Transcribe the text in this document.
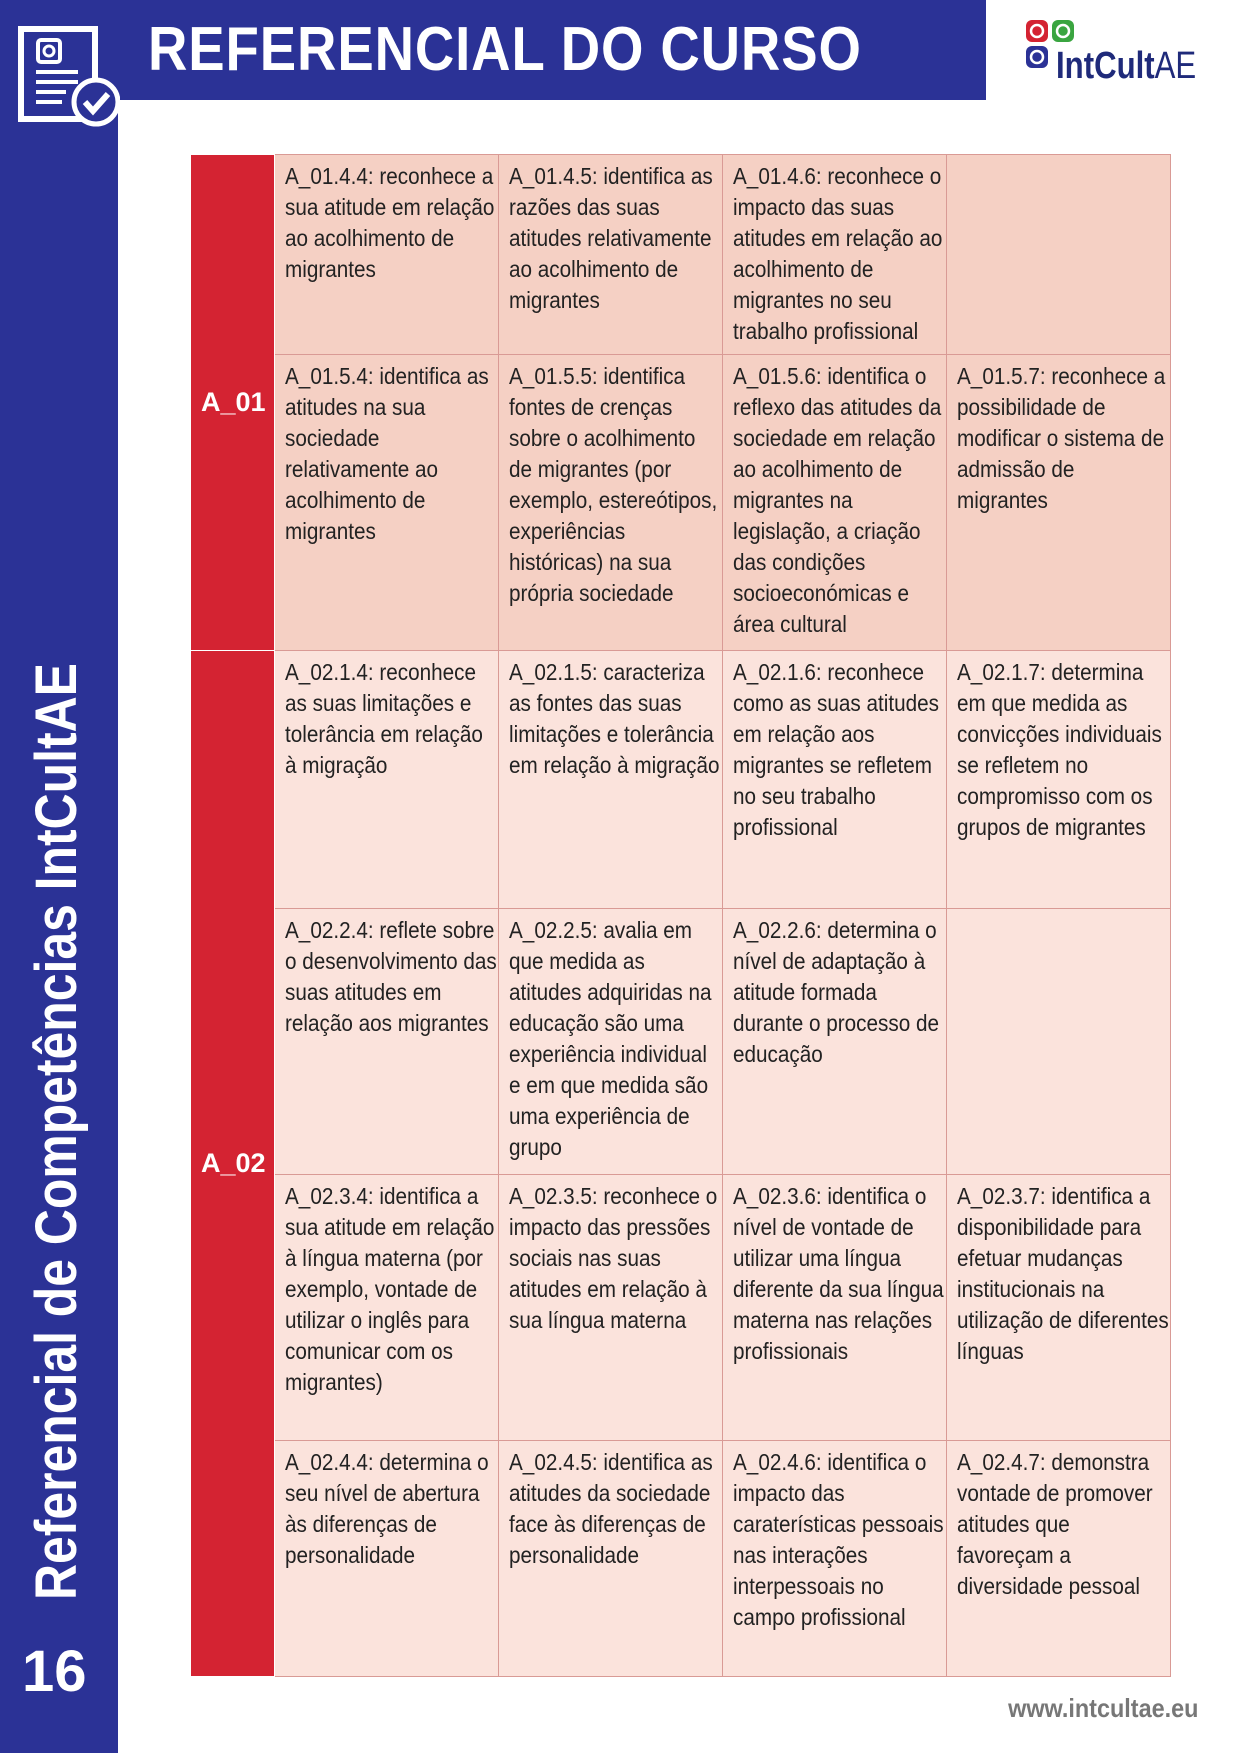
REFERENCIAL DO CURSO	IntCultAE
Referencial de Competências IntCultAE
16
A_01	A_01.4.4: reconhece a sua atitude em relação ao acolhimento de migrantes	A_01.4.5: identifica as razões das suas atitudes relativamente ao acolhimento de migrantes	A_01.4.6: reconhece o impacto das suas atitudes em relação ao acolhimento de migrantes no seu trabalho profissional	

	A_01.5.4: identifica as atitudes na sua sociedade relativamente ao acolhimento de migrantes	A_01.5.5: identifica fontes de crenças sobre o acolhimento de migrantes (por exemplo, estereótipos, experiências históricas) na sua própria sociedade	A_01.5.6: identifica o reflexo das atitudes da sociedade em relação ao acolhimento de migrantes na legislação, a criação das condições socioeconómicas e área cultural	A_01.5.7: reconhece a possibilidade de modificar o sistema de admissão de migrantes

A_02	A_02.1.4: reconhece as suas limitações e tolerância em relação à migração	A_02.1.5: caracteriza as fontes das suas limitações e tolerância em relação à migração	A_02.1.6: reconhece como as suas atitudes em relação aos migrantes se refletem no seu trabalho profissional	A_02.1.7: determina em que medida as convicções individuais se refletem no compromisso com os grupos de migrantes

	A_02.2.4: reflete sobre o desenvolvimento das suas atitudes em relação aos migrantes	A_02.2.5: avalia em que medida as atitudes adquiridas na educação são uma experiência individual e em que medida são uma experiência de grupo	A_02.2.6: determina o nível de adaptação à atitude formada durante o processo de educação	

	A_02.3.4: identifica a sua atitude em relação à língua materna (por exemplo, vontade de utilizar o inglês para comunicar com os migrantes)	A_02.3.5: reconhece o impacto das pressões sociais nas suas atitudes em relação à sua língua materna	A_02.3.6: identifica o nível de vontade de utilizar uma língua diferente da sua língua materna nas relações profissionais	A_02.3.7: identifica a disponibilidade para efetuar mudanças institucionais na utilização de diferentes línguas

	A_02.4.4: determina o seu nível de abertura às diferenças de personalidade	A_02.4.5: identifica as atitudes da sociedade face às diferenças de personalidade	A_02.4.6: identifica o impacto das caraterísticas pessoais nas interações interpessoais no campo profissional	A_02.4.7: demonstra vontade de promover atitudes que favoreçam a diversidade pessoal
www.intcultae.eu
